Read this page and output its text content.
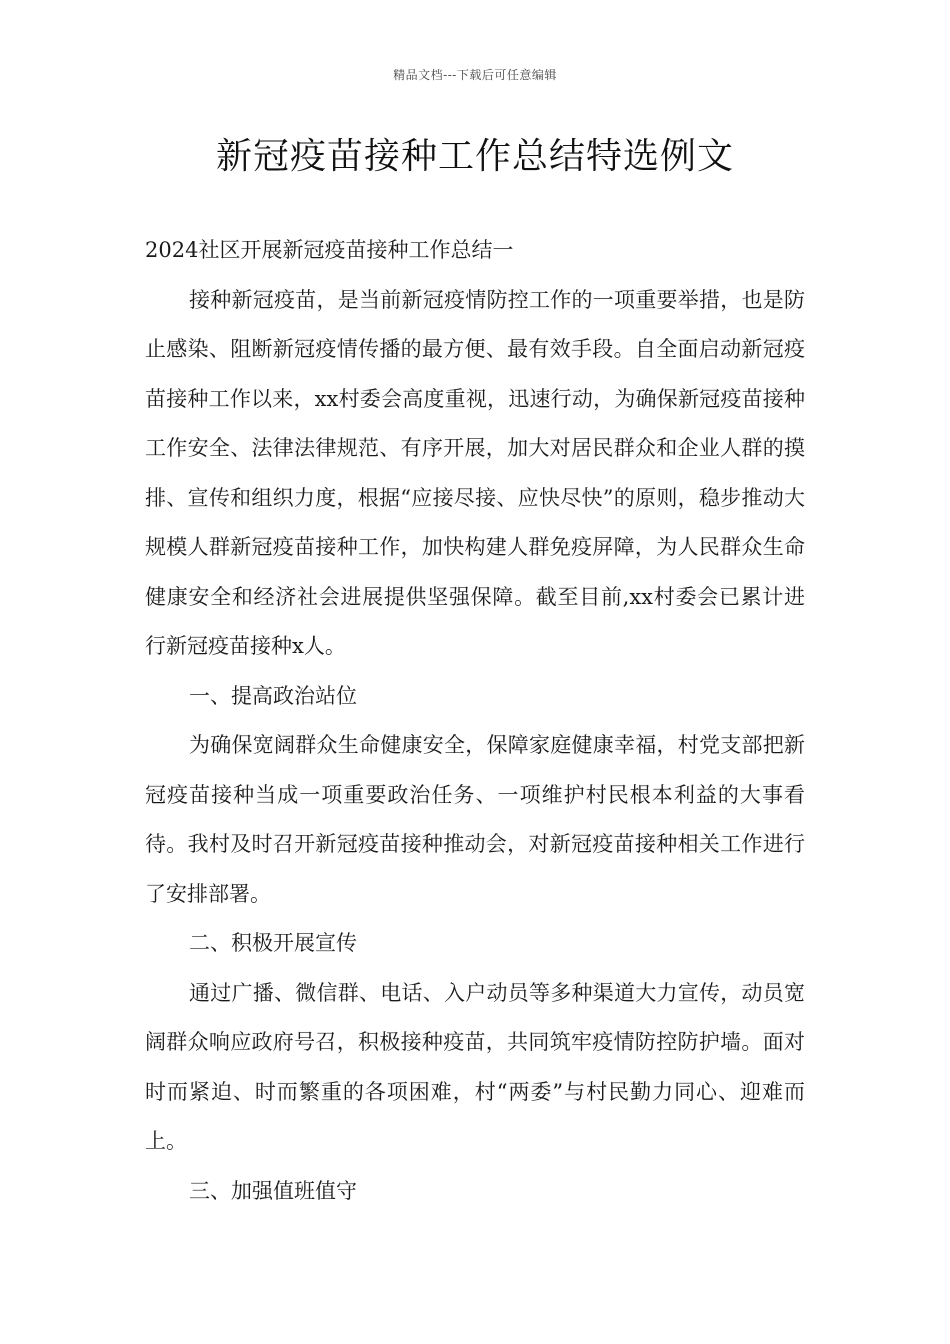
精品文档---下载后可任意编辑
新冠疫苗接种工作总结特选例文

2024社区开展新冠疫苗接种工作总结一

接种新冠疫苗，是当前新冠疫情防控工作的一项重要举措，也是防止感染、阻断新冠疫情传播的最方便、最有效手段。自全面启动新冠疫苗接种工作以来，xx村委会高度重视，迅速行动，为确保新冠疫苗接种工作安全、法律法律规范、有序开展，加大对居民群众和企业人群的摸排、宣传和组织力度，根据“应接尽接、应快尽快”的原则，稳步推动大规模人群新冠疫苗接种工作，加快构建人群免疫屏障，为人民群众生命健康安全和经济社会进展提供坚强保障。截至目前,xx村委会已累计进行新冠疫苗接种x人。

一、提高政治站位

为确保宽阔群众生命健康安全，保障家庭健康幸福，村党支部把新冠疫苗接种当成一项重要政治任务、一项维护村民根本利益的大事看待。我村及时召开新冠疫苗接种推动会，对新冠疫苗接种相关工作进行了安排部署。

二、积极开展宣传

通过广播、微信群、电话、入户动员等多种渠道大力宣传，动员宽阔群众响应政府号召，积极接种疫苗，共同筑牢疫情防控防护墙。面对时而紧迫、时而繁重的各项困难，村“两委”与村民勤力同心、迎难而上。

三、加强值班值守
